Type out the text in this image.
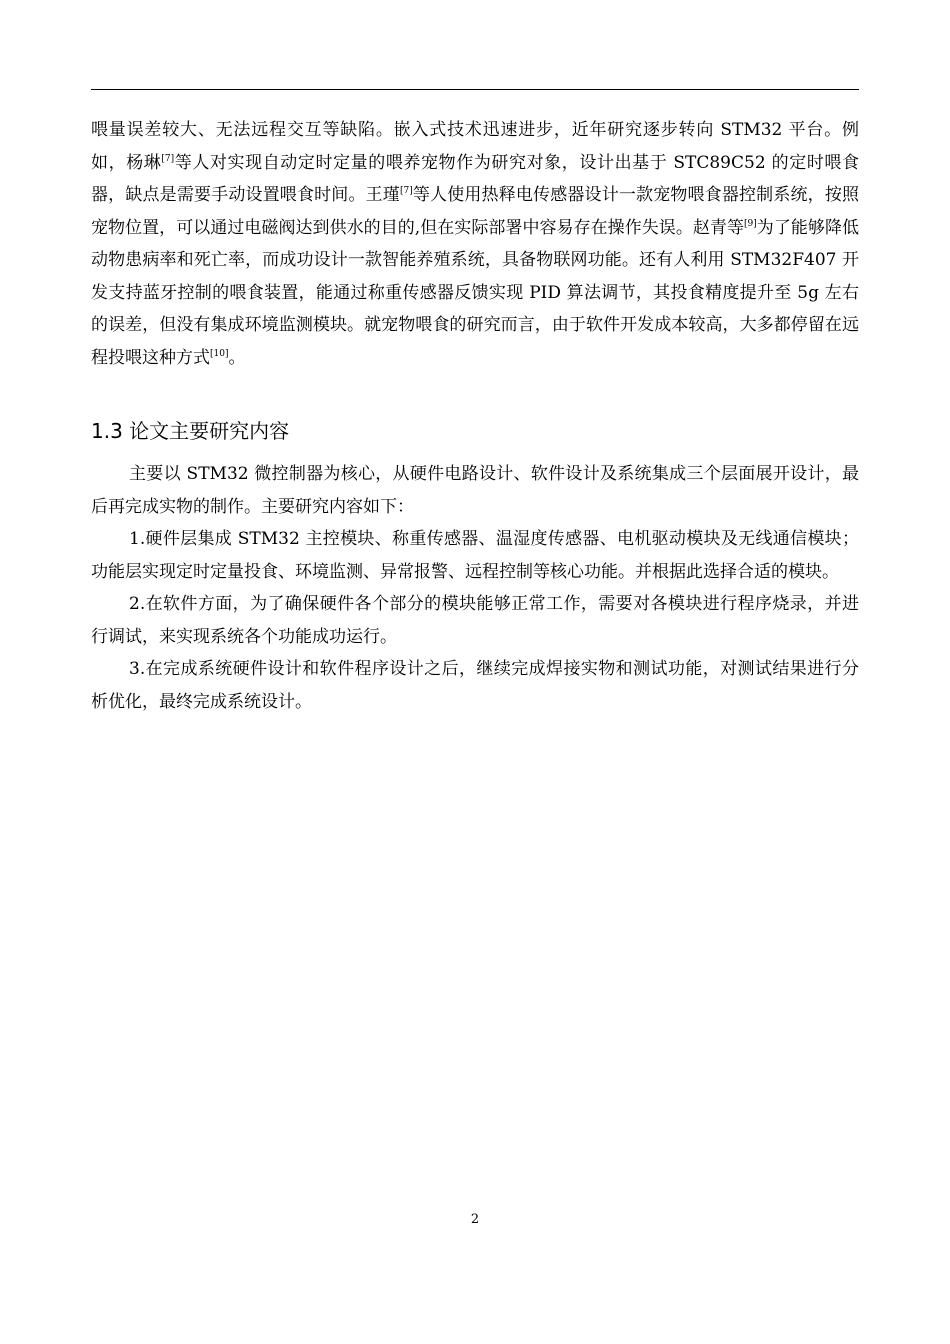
喂量误差较大、无法远程交互等缺陷。嵌入式技术迅速进步，近年研究逐步转向 STM32 平台。例如，杨琳[7]等人对实现自动定时定量的喂养宠物作为研究对象，设计出基于 STC89C52 的定时喂食器，缺点是需要手动设置喂食时间。王瑾[7]等人使用热释电传感器设计一款宠物喂食器控制系统，按照宠物位置，可以通过电磁阀达到供水的目的,但在实际部署中容易存在操作失误。赵青等[9]为了能够降低动物患病率和死亡率，而成功设计一款智能养殖系统，具备物联网功能。还有人利用 STM32F407 开发支持蓝牙控制的喂食装置，能通过称重传感器反馈实现 PID 算法调节，其投食精度提升至 5g 左右的误差，但没有集成环境监测模块。就宠物喂食的研究而言，由于软件开发成本较高，大多都停留在远程投喂这种方式[10]。

1.3 论文主要研究内容

主要以 STM32 微控制器为核心，从硬件电路设计、软件设计及系统集成三个层面展开设计，最后再完成实物的制作。主要研究内容如下：

1.硬件层集成 STM32 主控模块、称重传感器、温湿度传感器、电机驱动模块及无线通信模块；功能层实现定时定量投食、环境监测、异常报警、远程控制等核心功能。并根据此选择合适的模块。

2.在软件方面，为了确保硬件各个部分的模块能够正常工作，需要对各模块进行程序烧录，并进行调试，来实现系统各个功能成功运行。

3.在完成系统硬件设计和软件程序设计之后，继续完成焊接实物和测试功能，对测试结果进行分析优化，最终完成系统设计。

2
